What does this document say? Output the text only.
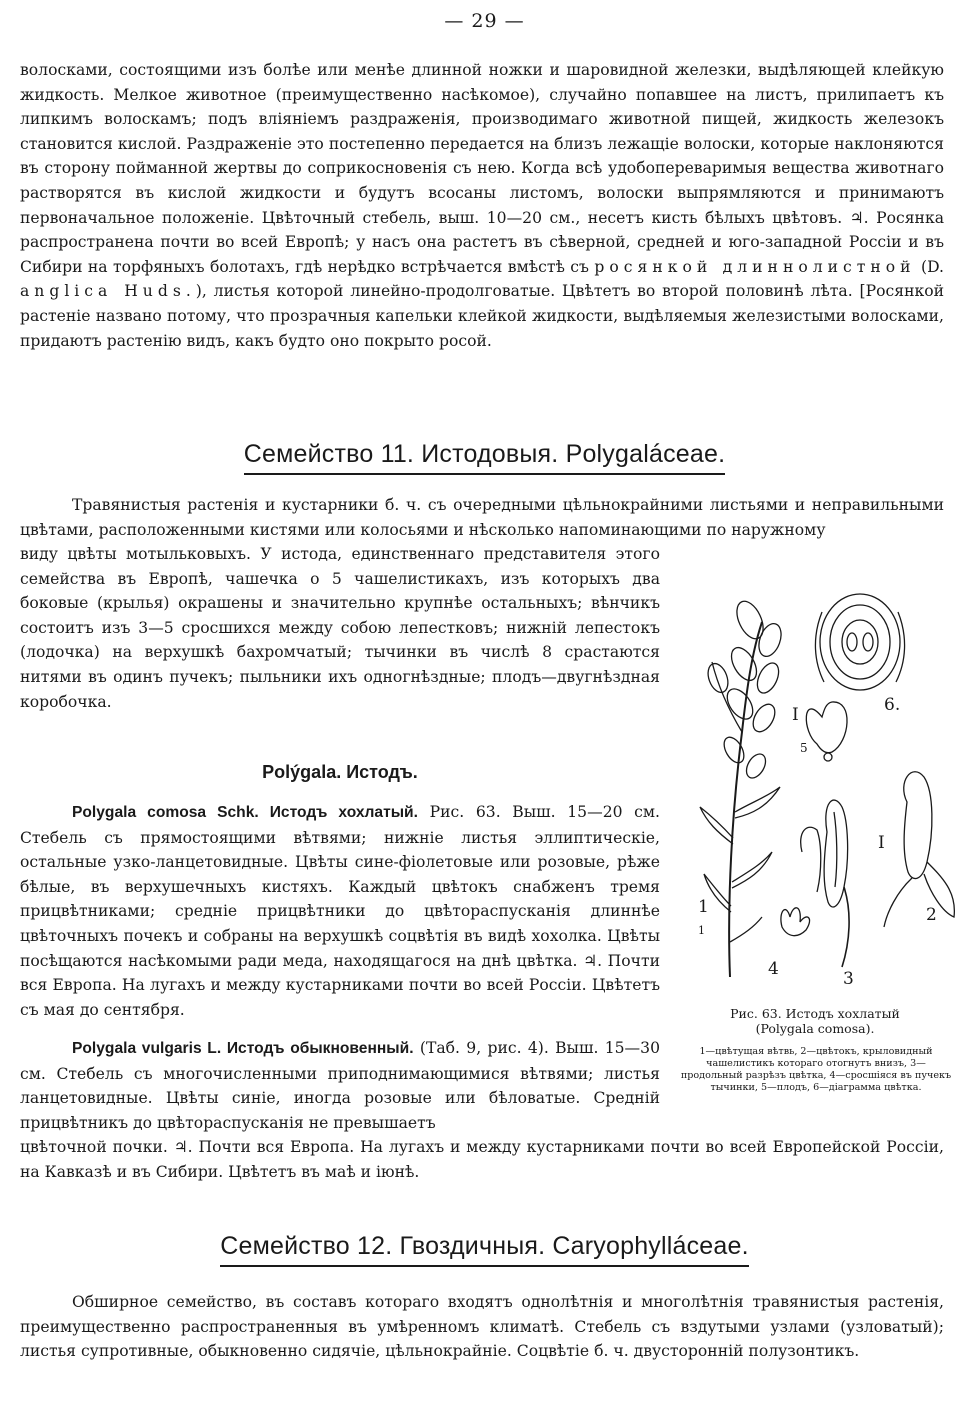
— 29 —

волосками, состоящими изъ болѣе или менѣе длинной ножки и шаровидной железки, выдѣляющей клейкую жидкость. Мелкое животное (преимущественно насѣкомое), случайно попавшее на листъ, прилипаетъ къ липкимъ волоскамъ; подъ вліяніемъ раздраженія, производимаго животной пищей, жидкость железокъ становится кислой. Раздраженіе это постепенно передается на близъ лежащіе волоски, которые наклоняются въ сторону пойманной жертвы до соприкосновенія съ нею. Когда всѣ удобопереваримыя вещества животнаго растворятся въ кислой жидкости и будутъ всосаны листомъ, волоски выпрямляются и принимаютъ первоначальное положеніе. Цвѣточный стебель, выш. 10—20 см., несетъ кисть бѣлыхъ цвѣтовъ. ♃. Росянка распространена почти во всей Европѣ; у насъ она растетъ въ сѣверной, средней и юго-западной Россіи и въ Сибири на торфяныхъ болотахъ, гдѣ нерѣдко встрѣчается вмѣстѣ съ росянкой длиннолистной (D. anglica Huds.), листья которой линейно-продолговатые. Цвѣтетъ во второй половинѣ лѣта. [Росянкой растеніе названо потому, что прозрачныя капельки клейкой жидкости, выдѣляемыя железистыми волосками, придаютъ растенію видъ, какъ будто оно покрыто росой.

Семейство 11. Истодовыя. Polygaláceae.

Травянистыя растенія и кустарники б. ч. съ очередными цѣльнокрайними листьями и неправильными цвѣтами, расположенными кистями или колосьями и нѣсколько напоминающими по наружному

виду цвѣты мотыльковыхъ. У истода, единственнаго представителя этого семейства въ Европѣ, чашечка о 5 чашелистикахъ, изъ которыхъ два боковые (крылья) окрашены и значительно крупнѣе остальныхъ; вѣнчикъ состоитъ изъ 3—5 сросшихся между собою лепестковъ; нижній лепестокъ (лодочка) на верхушкѣ бахромчатый; тычинки въ числѣ 8 срастаются нитями въ одинъ пучекъ; пыльники ихъ одногнѣздные; плодъ—двугнѣздная коробочка.

Polýgala. Истодъ.

Polygala comosa Schk. Истодъ хохлатый. Рис. 63. Выш. 15—20 см. Стебель съ прямостоящими вѣтвями; нижніе листья эллиптическіе, остальные узко-ланцетовидные. Цвѣты сине-фіолетовые или розовые, рѣже бѣлые, въ верхушечныхъ кистяхъ. Каждый цвѣтокъ снабженъ тремя прицвѣтниками; средніе прицвѣтники до цвѣтораспусканія длиннѣе цвѣточныхъ почекъ и собраны на верхушкѣ соцвѣтія въ видѣ хохолка. Цвѣты посѣщаются насѣкомыми ради меда, находящагося на днѣ цвѣтка. ♃. Почти вся Европа. На лугахъ и между кустарниками почти во всей Россіи. Цвѣтетъ съ мая до сентября.

Polygala vulgaris L. Истодъ обыкновенный. (Таб. 9, рис. 4). Выш. 15—30 см. Стебель съ многочисленными приподнимающимися вѣтвями; листья ланцетовидные. Цвѣты синіе, иногда розовые или бѣловатые. Средній прицвѣтникъ до цвѣтораспусканія не превышаетъ

цвѣточной почки. ♃. Почти вся Европа. На лугахъ и между кустарниками почти во всей Европейской Россіи, на Кавказѣ и въ Сибири. Цвѣтетъ въ маѣ и іюнѣ.

1
1
2
3
4
5
6.
I
I
Рис. 63. Истодъ хохлатый
(Polygala comosa).
1—цвѣтущая вѣтвь, 2—цвѣтокъ, крыловидный чашелистикъ котораго отогнутъ внизъ, 3—продольный разрѣзъ цвѣтка, 4—сросшіяся въ пучекъ тычинки, 5—плодъ, 6—діаграмма цвѣтка.
Семейство 12. Гвоздичныя. Caryophylláceae.

Обширное семейство, въ составъ котораго входятъ однолѣтнія и многолѣтнія травянистыя растенія, преимущественно распространенныя въ умѣренномъ климатѣ. Стебель съ вздутыми узлами (узловатый); листья супротивные, обыкновенно сидячіе, цѣльнокрайніе. Соцвѣтіе б. ч. двусторонній полузонтикъ.
